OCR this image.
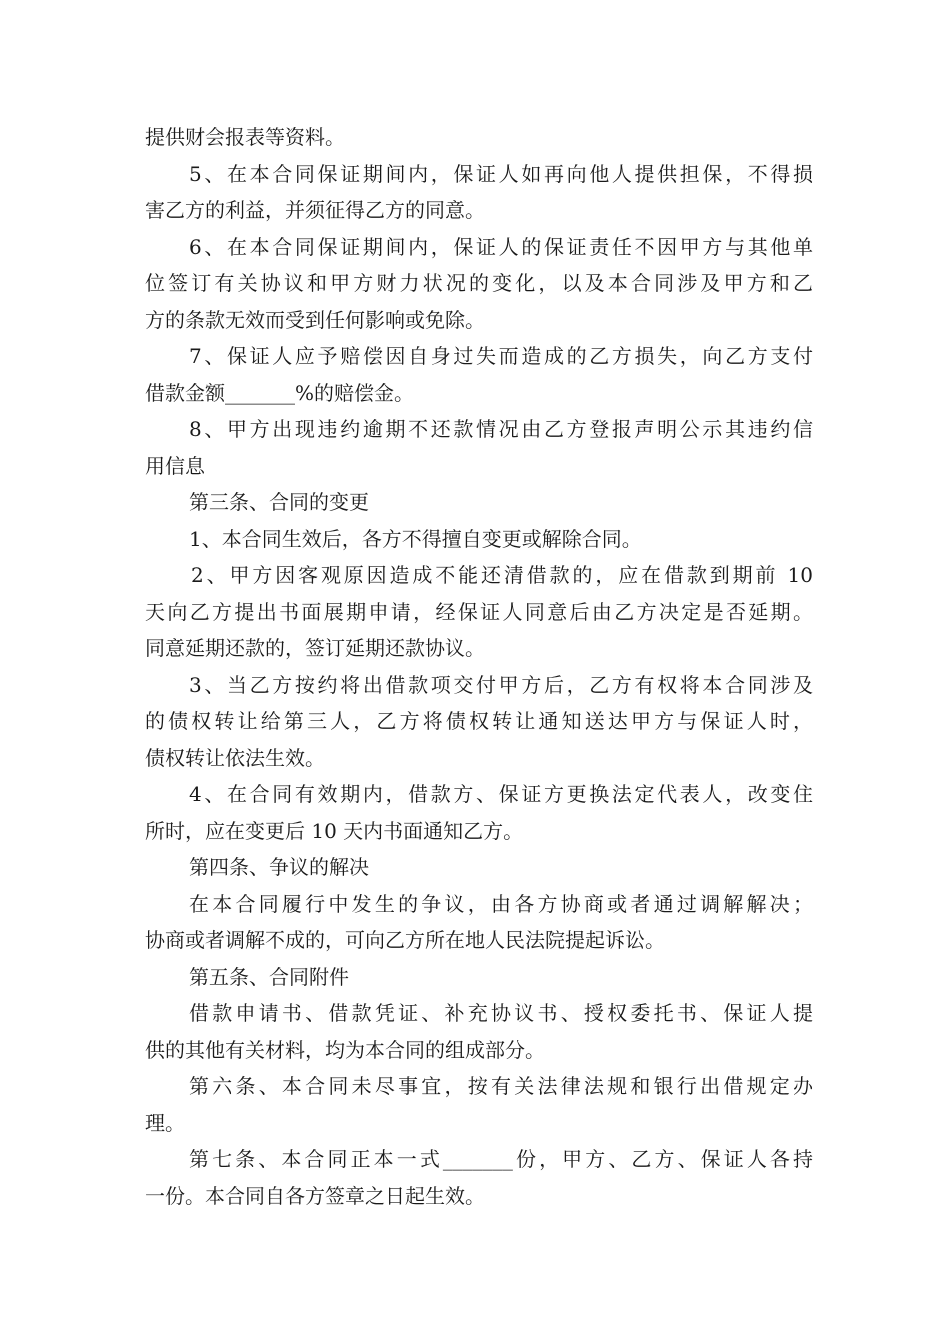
提供财会报表等资料。
5、在本合同保证期间内，保证人如再向他人提供担保，不得损
害乙方的利益，并须征得乙方的同意。
6、在本合同保证期间内，保证人的保证责任不因甲方与其他单
位签订有关协议和甲方财力状况的变化，以及本合同涉及甲方和乙
方的条款无效而受到任何影响或免除。
7、保证人应予赔偿因自身过失而造成的乙方损失，向乙方支付
借款金额_______%的赔偿金。
8、甲方出现违约逾期不还款情况由乙方登报声明公示其违约信
用信息
第三条、合同的变更
1、本合同生效后，各方不得擅自变更或解除合同。
2、甲方因客观原因造成不能还清借款的，应在借款到期前 10
天向乙方提出书面展期申请，经保证人同意后由乙方决定是否延期。
同意延期还款的，签订延期还款协议。
3、当乙方按约将出借款项交付甲方后，乙方有权将本合同涉及
的债权转让给第三人，乙方将债权转让通知送达甲方与保证人时，
债权转让依法生效。
4、在合同有效期内，借款方、保证方更换法定代表人，改变住
所时，应在变更后 10 天内书面通知乙方。
第四条、争议的解决
在本合同履行中发生的争议，由各方协商或者通过调解解决；
协商或者调解不成的，可向乙方所在地人民法院提起诉讼。
第五条、合同附件
借款申请书、借款凭证、补充协议书、授权委托书、保证人提
供的其他有关材料，均为本合同的组成部分。
第六条、本合同未尽事宜，按有关法律法规和银行出借规定办
理。
第七条、本合同正本一式_______份，甲方、乙方、保证人各持
一份。本合同自各方签章之日起生效。
